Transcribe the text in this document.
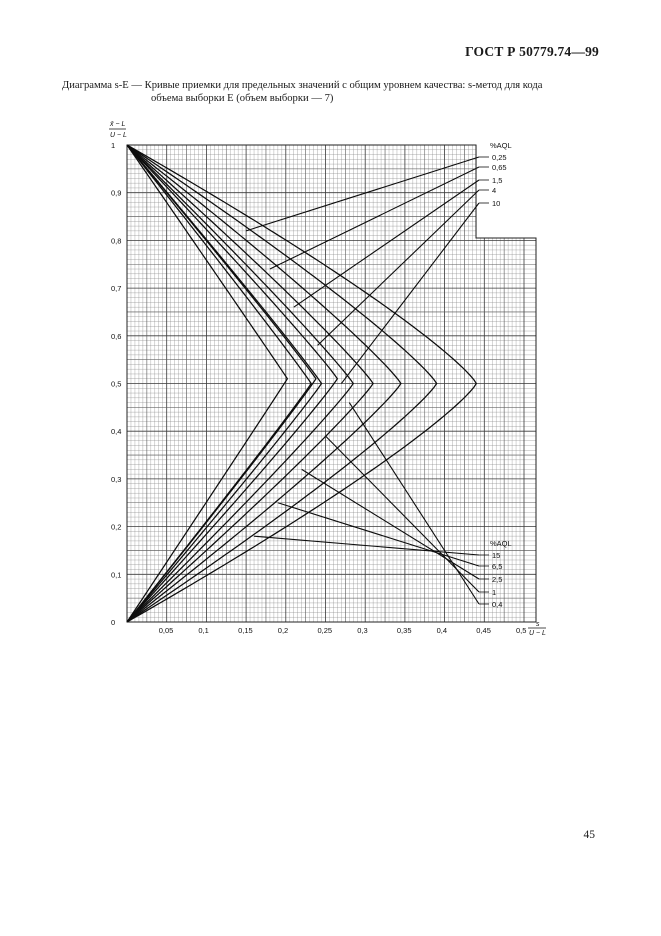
ГОСТ Р 50779.74—99
Диаграмма s-E — Кривые приемки для предельных значений с общим уровнем качества: s-метод для кода
объема выборки E (объем выборки — 7)
0
0,1
0,2
0,3
0,4
0,5
0,6
0,7
0,8
0,9
1
0,05	0,1	0,15	0,2	0,25	0,3	0,35	0,4	0,45	0,5
x̄ − L
U − L
s
U − L
%AQL
0,25
0,65
1,5
4
10
%AQL
15
6,5
2,5
1
0,4
45
